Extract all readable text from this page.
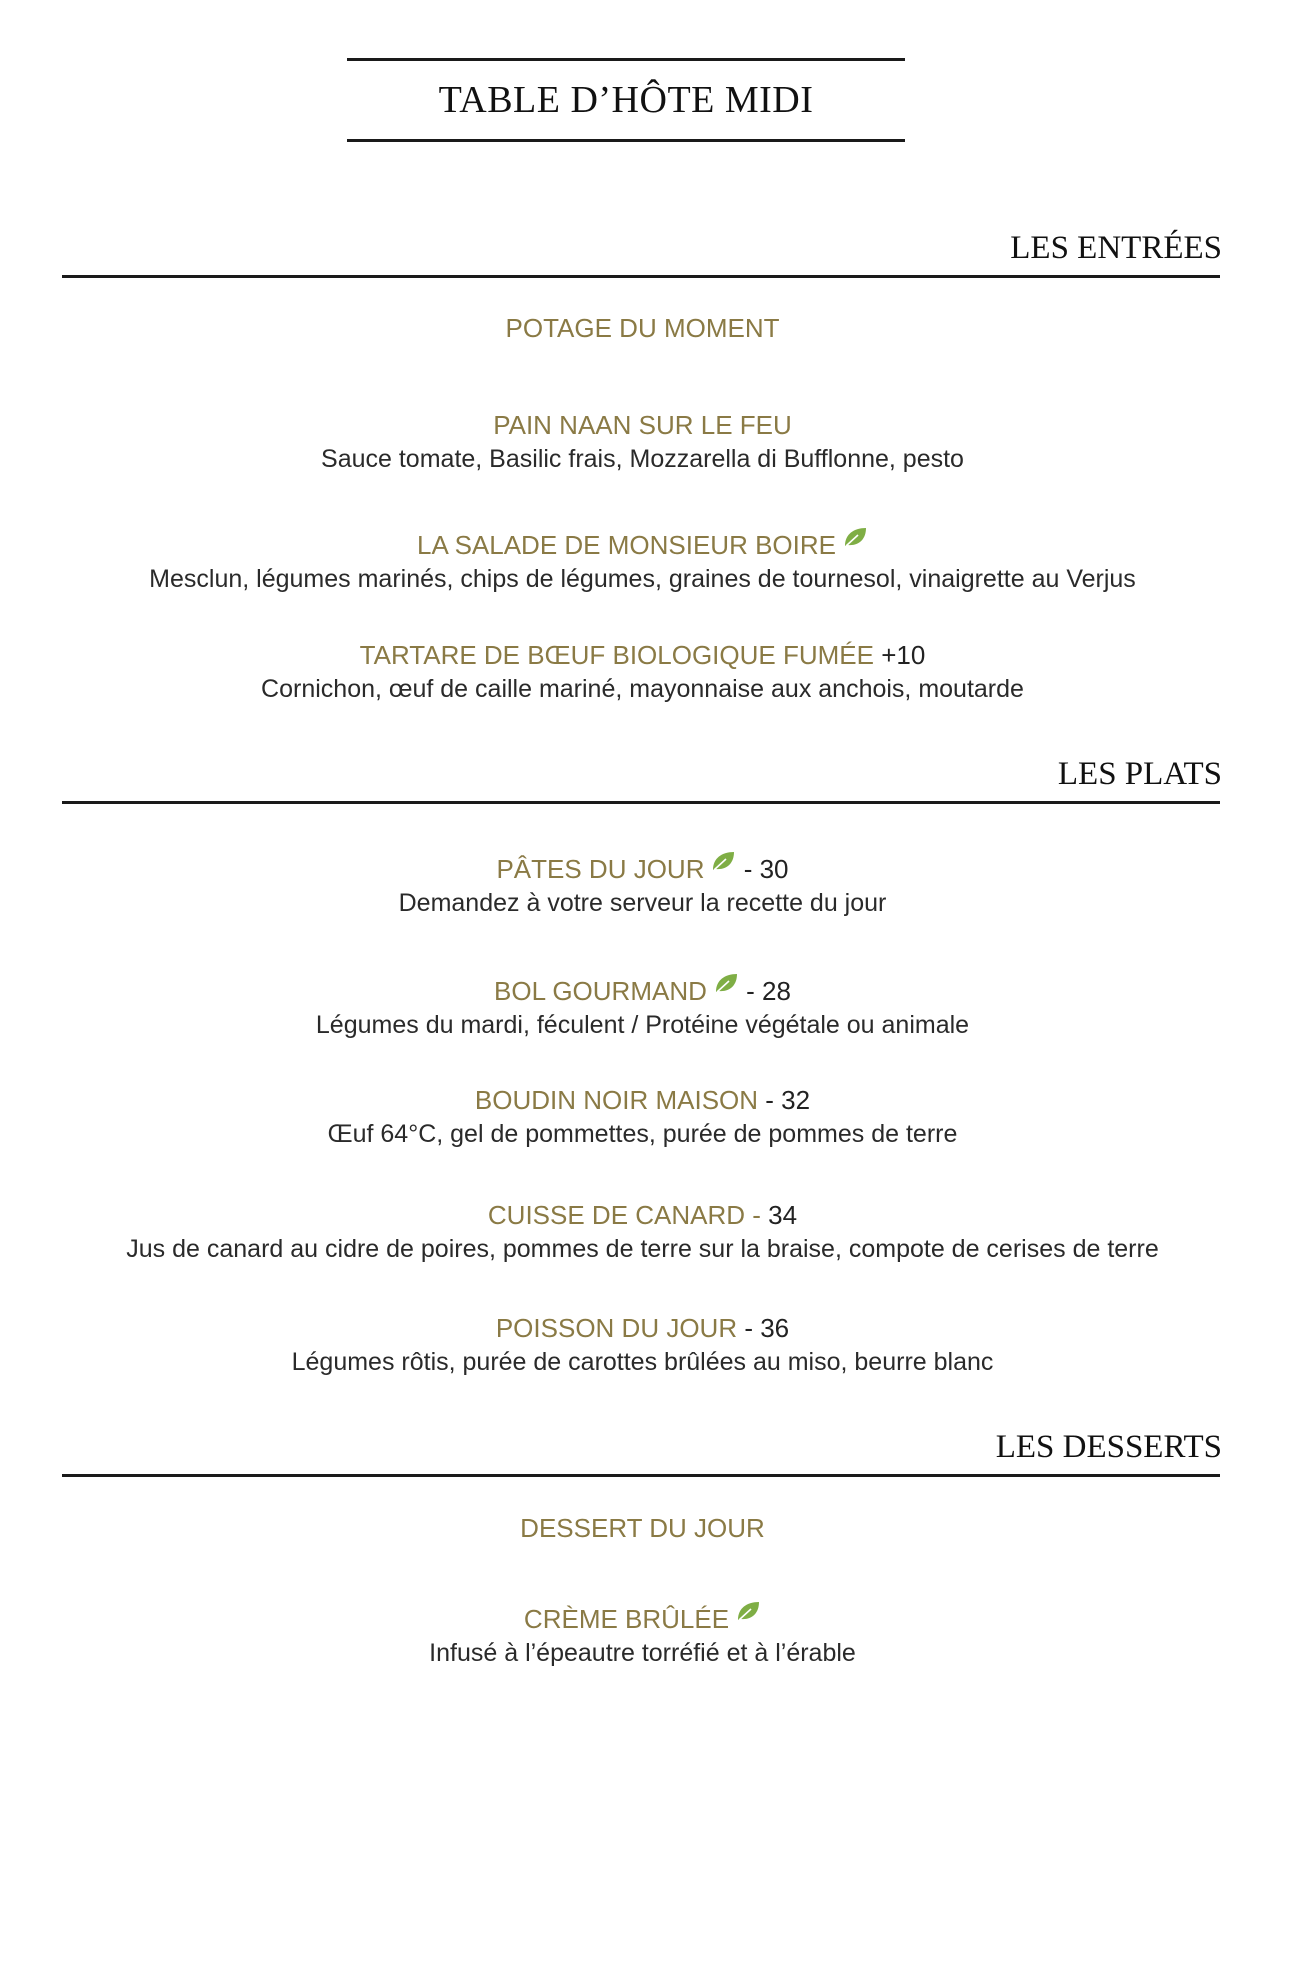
TABLE D’HÔTE MIDI
LES ENTRÉES
POTAGE DU MOMENT
PAIN NAAN SUR LE FEU
Sauce tomate, Basilic frais, Mozzarella di Bufflonne, pesto
LA SALADE DE MONSIEUR BOIRE
Mesclun, légumes marinés, chips de légumes, graines de tournesol, vinaigrette au Verjus
TARTARE DE BŒUF BIOLOGIQUE FUMÉE +10
Cornichon, œuf de caille mariné, mayonnaise aux anchois, moutarde
LES PLATS
PÂTES DU JOUR - 30
Demandez à votre serveur la recette du jour
BOL GOURMAND - 28
Légumes du mardi, féculent / Protéine végétale ou animale
BOUDIN NOIR MAISON - 32
Œuf 64°C, gel de pommettes, purée de pommes de terre
CUISSE DE CANARD - 34
Jus de canard au cidre de poires, pommes de terre sur la braise, compote de cerises de terre
POISSON DU JOUR - 36
Légumes rôtis, purée de carottes brûlées au miso, beurre blanc
LES DESSERTS
DESSERT DU JOUR
CRÈME BRÛLÉE
Infusé à l’épeautre torréfié et à l’érable
